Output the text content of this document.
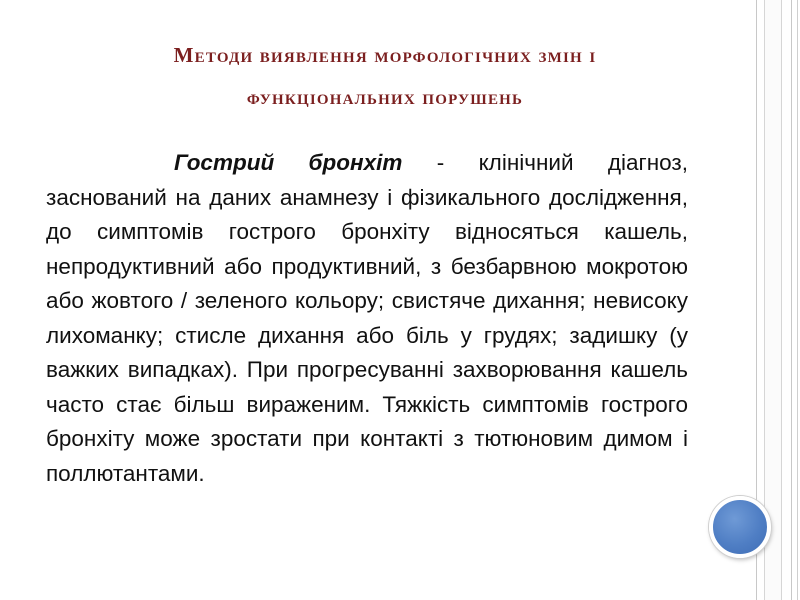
Методи виявлення морфологічних змін і
функціональних порушень

Гострий бронхіт - клінічний діагноз, заснований на даних анамнезу і фізикального дослідження, до симптомів гострого бронхіту відносяться кашель, непродуктивний або продуктивний, з безбарвною мокротою або жовтого / зеленого кольору; свистяче дихання; невисоку лихоманку; стисле дихання або біль у грудях; задишку (у важких випадках). При прогресуванні захворювання кашель часто стає більш вираженим. Тяжкість симптомів гострого бронхіту може зростати при контакті з тютюновим димом і поллютантами.
